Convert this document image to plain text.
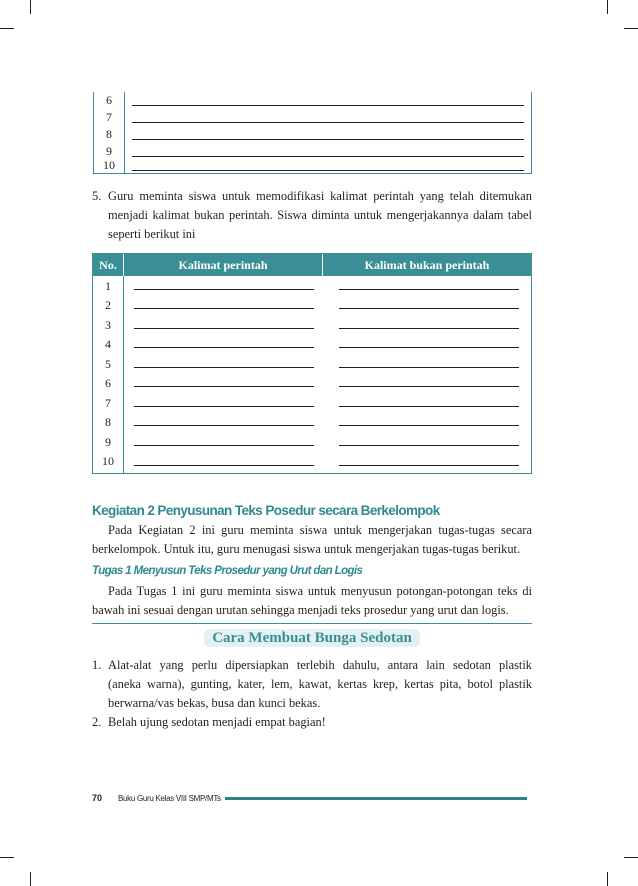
6
7
8
9
10
5. Guru meminta siswa untuk memodifikasi kalimat perintah yang telah ditemukan
menjadi kalimat bukan perintah. Siswa diminta untuk mengerjakannya dalam tabel
seperti berikut ini
No.	Kalimat perintah	Kalimat bukan perintah
1
2
3
4
5
6
7
8
9
10
Kegiatan 2 Penyusunan Teks Posedur secara Berkelompok
Pada Kegiatan 2 ini guru meminta siswa untuk mengerjakan tugas-tugas secara
berkelompok. Untuk itu, guru menugasi siswa untuk mengerjakan tugas-tugas berikut.
Tugas 1 Menyusun Teks Prosedur yang Urut dan Logis
Pada Tugas 1 ini guru meminta siswa untuk menyusun potongan-potongan teks di
bawah ini sesuai dengan urutan sehingga menjadi teks prosedur yang urut dan logis.
Cara Membuat Bunga Sedotan
1. Alat-alat yang perlu dipersiapkan terlebih dahulu, antara lain sedotan plastik
(aneka warna), gunting, kater, lem, kawat, kertas krep, kertas pita, botol plastik
berwarna/vas bekas, busa dan kunci bekas.
2. Belah ujung sedotan menjadi empat bagian!
70 Buku Guru Kelas VIII SMP/MTs
